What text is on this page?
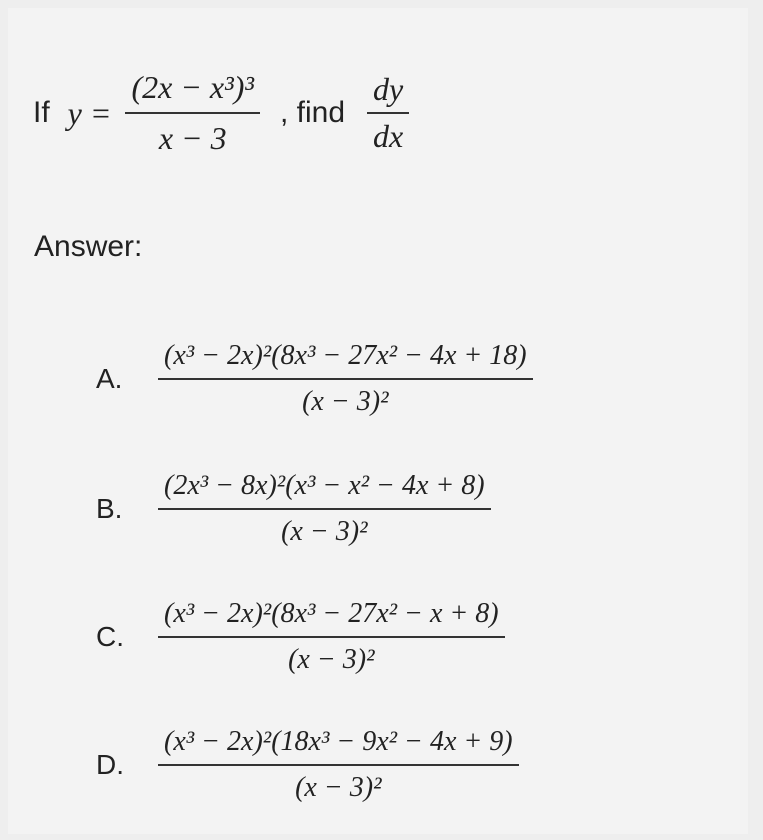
If $y = \frac{\text{(2x − x³)³}}{x - 3}$ , find $\frac{dy}{dx}$
Answer:
A.	$\frac{\text{(x³ − 2x)²(8x³ − 27x² − 4x + 18)}}{\text{(x − 3)²}}$
B.	$\frac{\text{(2x³ − 8x)²(x³ − x² − 4x + 8)}}{\text{(x − 3)²}}$
C.	$\frac{\text{(x³ − 2x)²(8x³ − 27x² − x + 8)}}{\text{(x − 3)²}}$
D.	$\frac{\text{(x³ − 2x)²(18x³ − 9x² − 4x + 9)}}{\text{(x − 3)²}}$
